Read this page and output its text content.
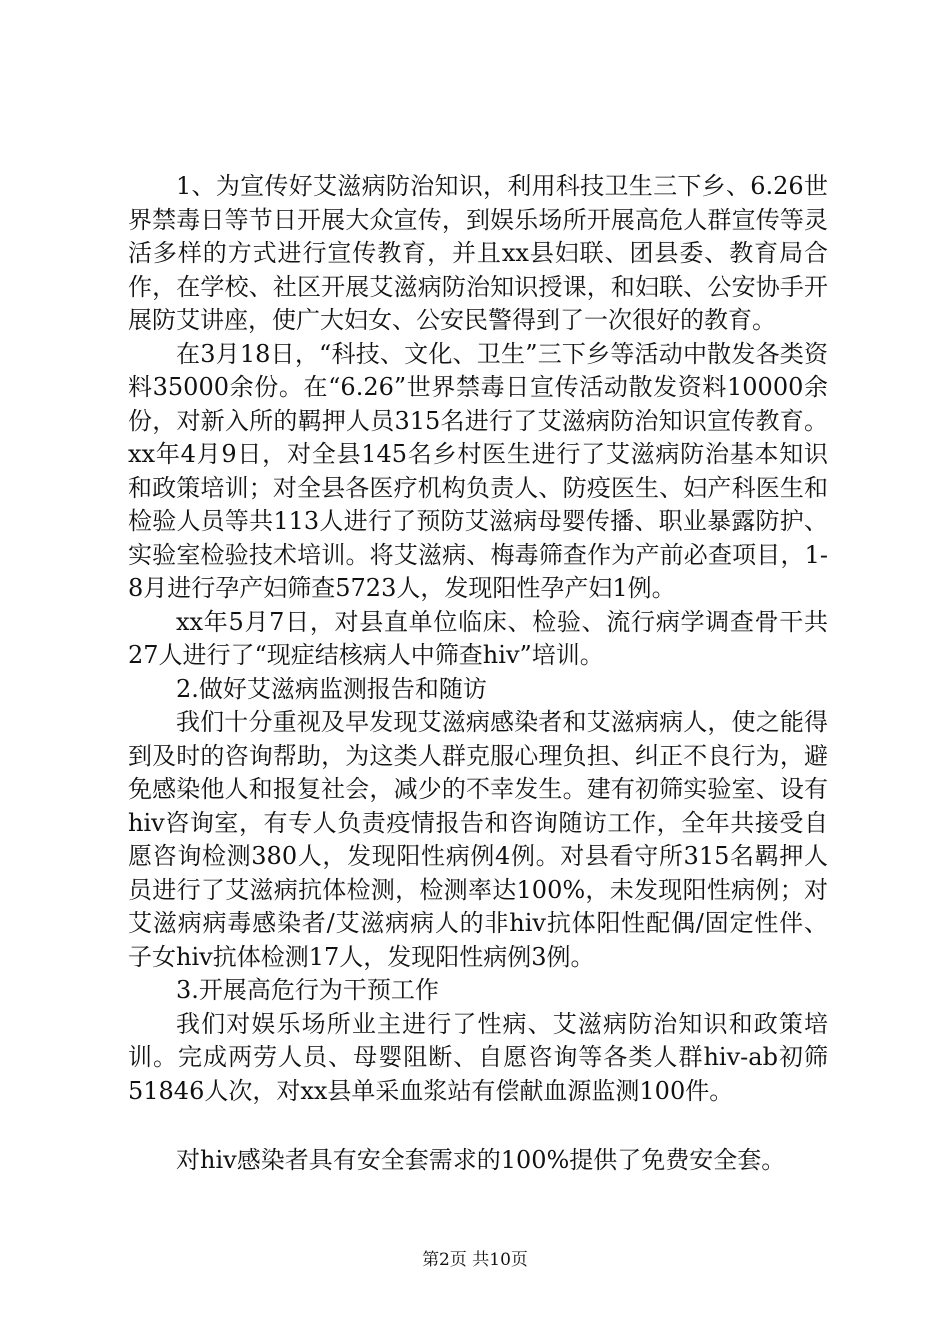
1、为宣传好艾滋病防治知识，利用科技卫生三下乡、6.26世界禁毒日等节日开展大众宣传，到娱乐场所开展高危人群宣传等灵活多样的方式进行宣传教育，并且xx县妇联、团县委、教育局合作，在学校、社区开展艾滋病防治知识授课，和妇联、公安协手开展防艾讲座，使广大妇女、公安民警得到了一次很好的教育。

在3月18日，“科技、文化、卫生”三下乡等活动中散发各类资料35000余份。在“6.26”世界禁毒日宣传活动散发资料10000余份，对新入所的羁押人员315名进行了艾滋病防治知识宣传教育。xx年4月9日，对全县145名乡村医生进行了艾滋病防治基本知识和政策培训；对全县各医疗机构负责人、防疫医生、妇产科医生和检验人员等共113人进行了预防艾滋病母婴传播、职业暴露防护、实验室检验技术培训。将艾滋病、梅毒筛查作为产前必查项目，1-8月进行孕产妇筛查5723人，发现阳性孕产妇1例。

xx年5月7日，对县直单位临床、检验、流行病学调查骨干共27人进行了“现症结核病人中筛查hiv”培训。

2.做好艾滋病监测报告和随访

我们十分重视及早发现艾滋病感染者和艾滋病病人，使之能得到及时的咨询帮助，为这类人群克服心理负担、纠正不良行为，避免感染他人和报复社会，减少的不幸发生。建有初筛实验室、设有hiv咨询室，有专人负责疫情报告和咨询随访工作，全年共接受自愿咨询检测380人，发现阳性病例4例。对县看守所315名羁押人员进行了艾滋病抗体检测，检测率达100%，未发现阳性病例；对艾滋病病毒感染者/艾滋病病人的非hiv抗体阳性配偶/固定性伴、子女hiv抗体检测17人，发现阳性病例3例。

3.开展高危行为干预工作

我们对娱乐场所业主进行了性病、艾滋病防治知识和政策培训。完成两劳人员、母婴阻断、自愿咨询等各类人群hiv-ab初筛51846人次，对xx县单采血浆站有偿献血源监测100件。

对hiv感染者具有安全套需求的100%提供了免费安全套。

第2页 共10页
